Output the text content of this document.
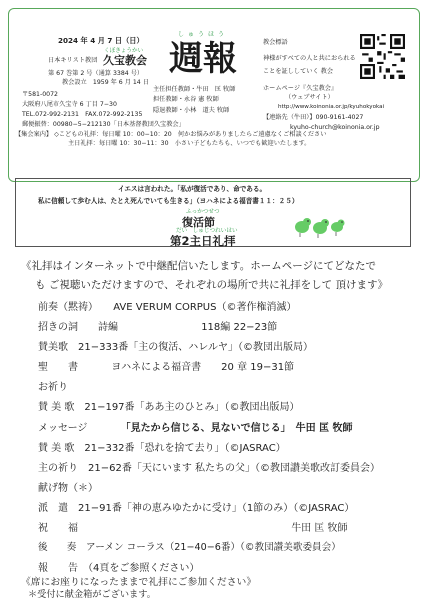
2024 年 4 月 7 日（日）
くぼきょうかい
日本キリスト教団 久宝教会
第 67 巻第 2 号（通算 3384 号）
教会設立　1959 年 6 月 14 日
〒581-0072
大阪府八尾市久宝寺 6 丁目 7−30
TEL.072-992-2131　FAX.072-992-2135
郵便振替：00980−5−212130「日本基督教団久宝教会」
【集会案内】 ◇こどもの礼拝：毎日曜 10：00−10：20　何かお悩みがありましたらご遠慮なくご相談ください
主日礼拝：毎日曜 10：30−11：30　小さい子どもたちも、いつでも歓迎いたします。
しゅうほう
週報
主任担任教師・牛田　匡 牧師
担任教師・永谷 憲 牧師
隠退教師・小林　道夫 牧師
教会標語
神様がすべての人と共におられる
ことを証ししていく 教会
ホームページ『久宝教会』
（ウェブサイト）
http://www.koinonia.or.jp/kyuhokyokai
【連絡先（牛田）】090-9161-4027
kyuho-church@koinonia.or.jp
イエスは言われた。「私が復活であり、命である。
私に信頼して歩む人は、たとえ死んでいても生きる」（ヨハネによる福音書１１：２５）
ふっかつせつ
復活節
だい　しゅじつれいはい
第2主日礼拝
《礼拝はインターネットで中継配信いたします。ホームページにてどなたで
も ご視聴いただけますので、それぞれの場所で共に礼拝をして 頂けます》
前奏（黙祷） AVE VERUM CORPUS（©著作権消滅）
招きの詞　　詩編	118編 22−23節
賛美歌　21−333番「主の復活、ハレルヤ」（©教団出版局）
聖　　書	ヨハネによる福音書　　20 章 19−31節
お祈り
賛 美 歌　21−197番「ああ主のひとみ」（©教団出版局）
メッセージ	「見たから信じる、見ないで信じる」　牛田 匡 牧師
賛 美 歌　21−332番「恐れを捨て去り」（©JASRAC）
主の祈り　21−62番「天にいます 私たちの父」（©教団讃美歌改訂委員会）
献げ物（＊）
派　遣　21−91番「神の恵みゆたかに受け」（1節のみ）（©JASRAC）
祝　　福	牛田 匡 牧師
後　　奏　アーメン コーラス（21−40−6番）（©教団讃美歌委員会）
報　　告　（4頁をご参照ください）
《席にお座りになったままで礼拝にご参加ください》
＊受付に献金箱がございます。
